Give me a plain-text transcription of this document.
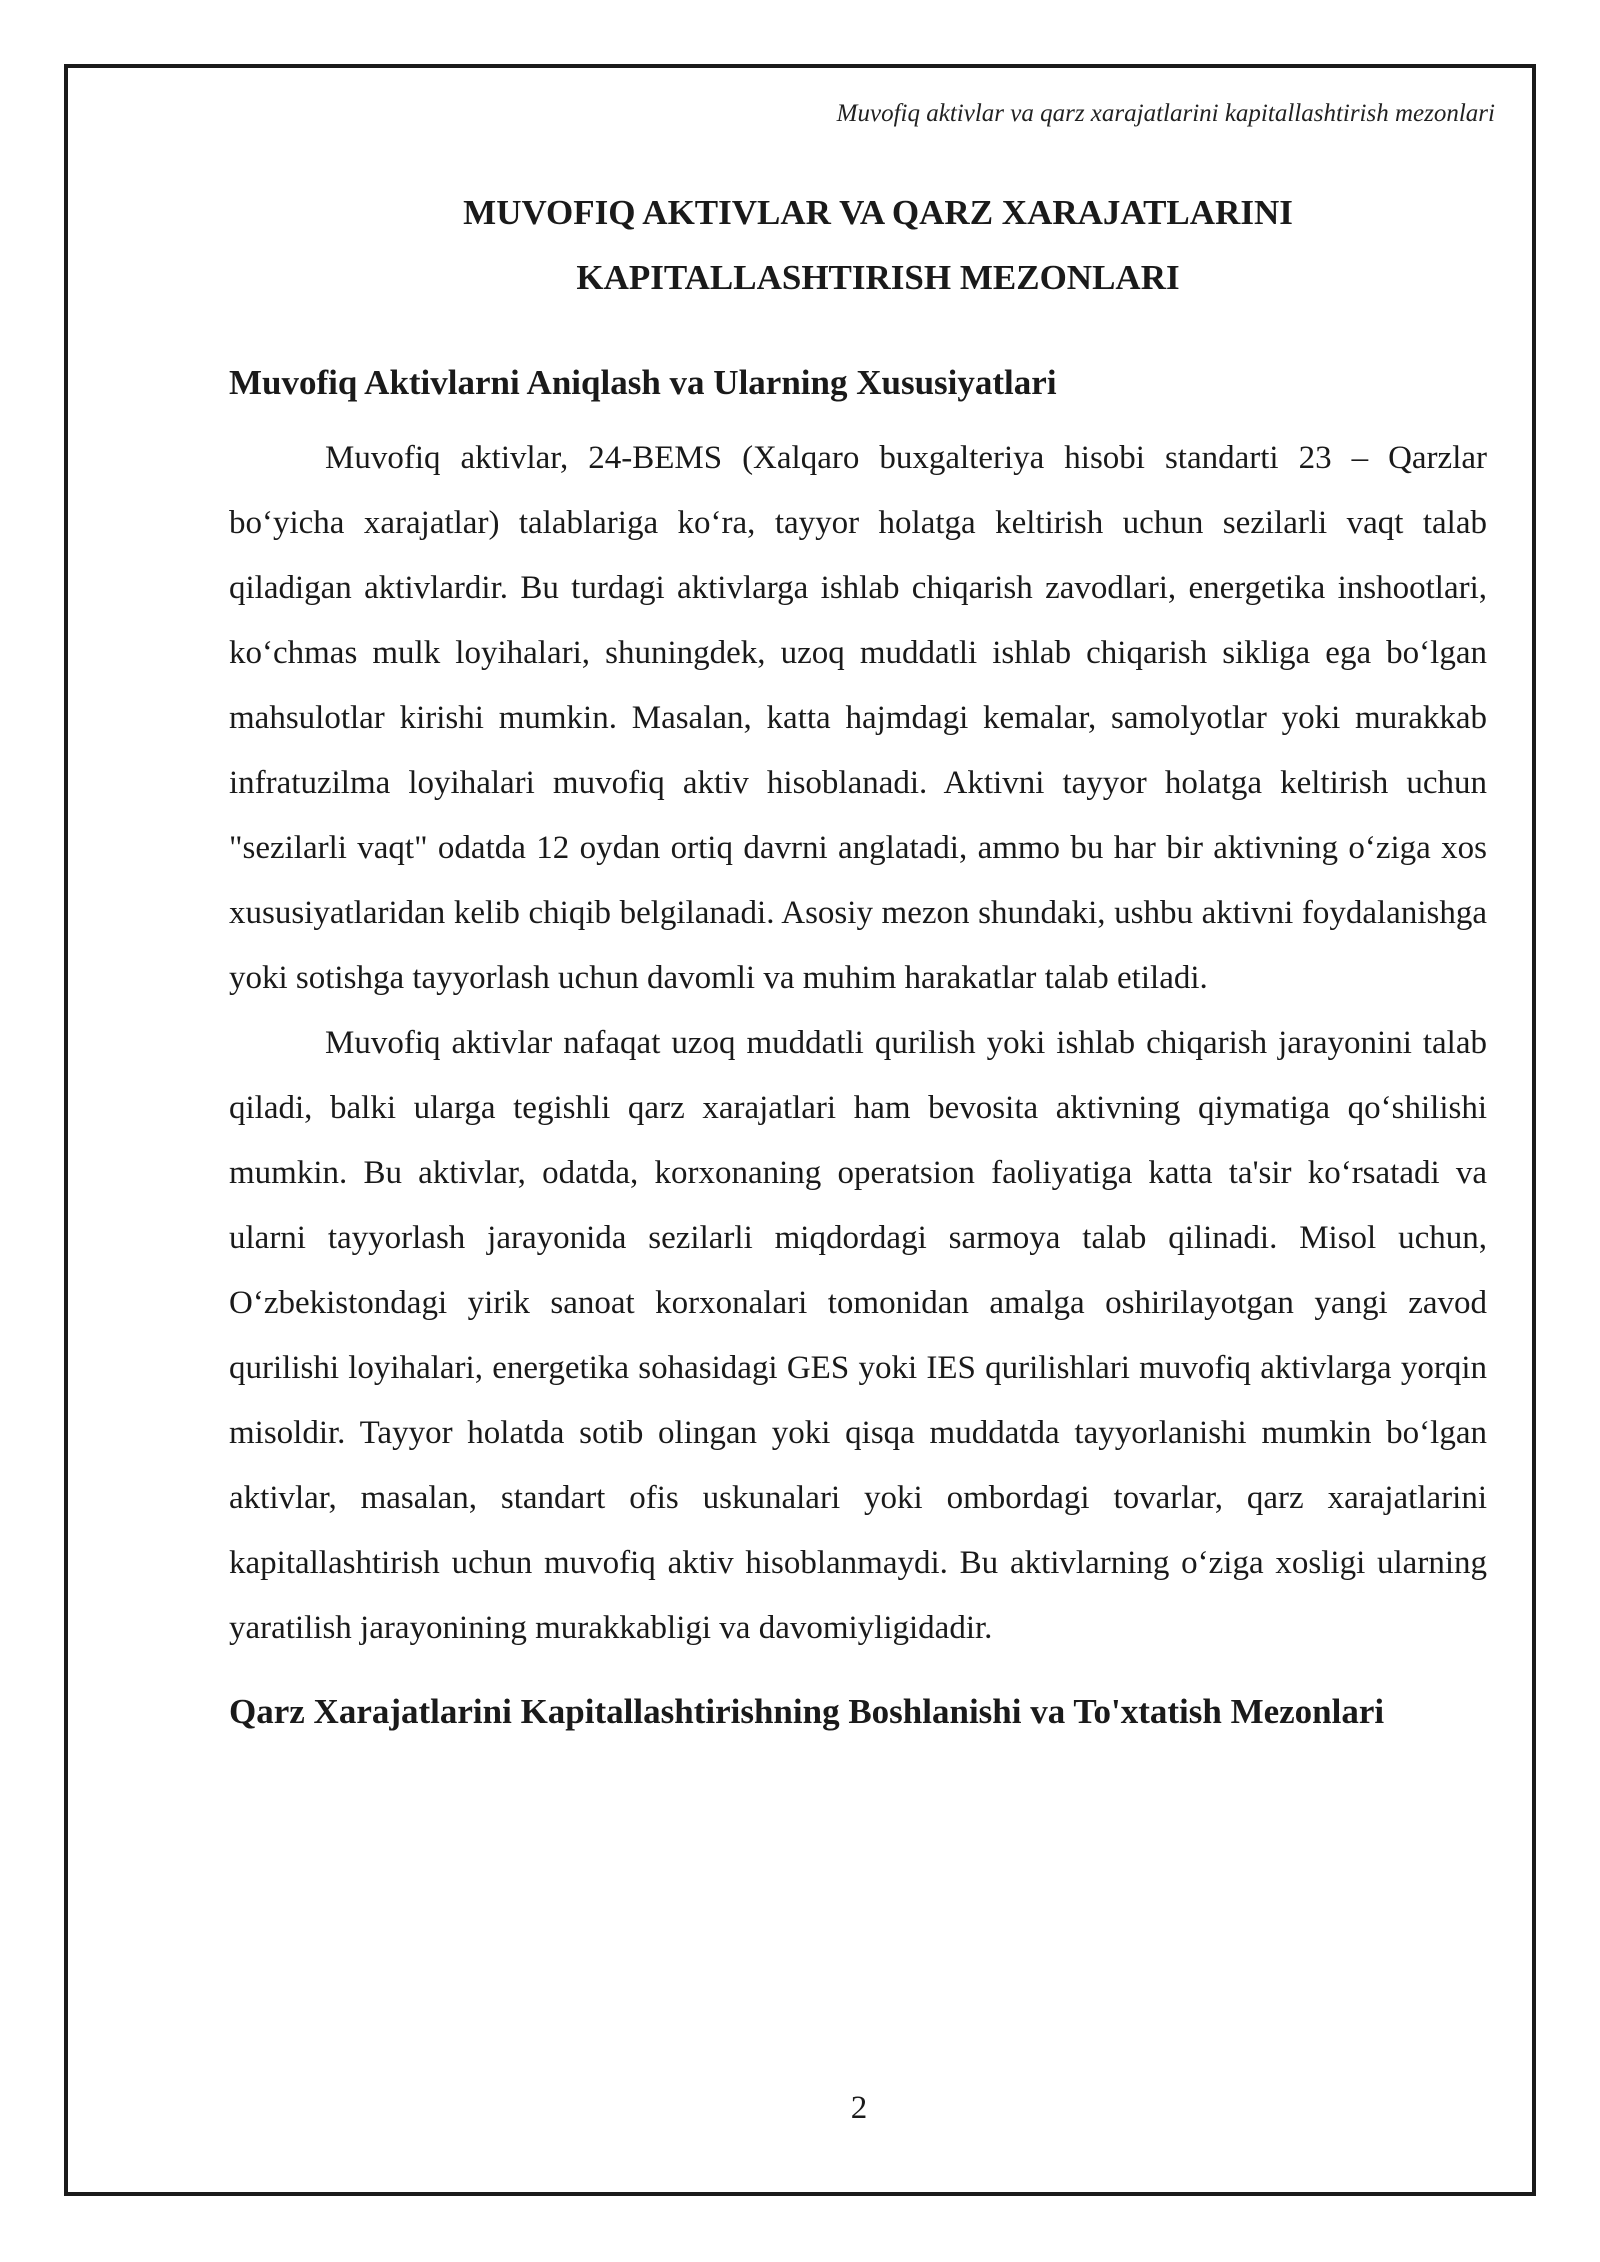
Muvofiq aktivlar va qarz xarajatlarini kapitallashtirish mezonlari
MUVOFIQ AKTIVLAR VA QARZ XARAJATLARINI
KAPITALLASHTIRISH MEZONLARI
Muvofiq Aktivlarni Aniqlash va Ularning Xususiyatlari

Muvofiq aktivlar, 24-BEMS (Xalqaro buxgalteriya hisobi standarti 23 – Qarzlar bo‘yicha xarajatlar) talablariga ko‘ra, tayyor holatga keltirish uchun sezilarli vaqt talab qiladigan aktivlardir. Bu turdagi aktivlarga ishlab chiqarish zavodlari, energetika inshootlari, ko‘chmas mulk loyihalari, shuningdek, uzoq muddatli ishlab chiqarish sikliga ega bo‘lgan mahsulotlar kirishi mumkin. Masalan, katta hajmdagi kemalar, samolyotlar yoki murakkab infratuzilma loyihalari muvofiq aktiv hisoblanadi. Aktivni tayyor holatga keltirish uchun "sezilarli vaqt" odatda 12 oydan ortiq davrni anglatadi, ammo bu har bir aktivning o‘ziga xos xususiyatlaridan kelib chiqib belgilanadi. Asosiy mezon shundaki, ushbu aktivni foydalanishga yoki sotishga tayyorlash uchun davomli va muhim harakatlar talab etiladi.

Muvofiq aktivlar nafaqat uzoq muddatli qurilish yoki ishlab chiqarish jarayonini talab qiladi, balki ularga tegishli qarz xarajatlari ham bevosita aktivning qiymatiga qo‘shilishi mumkin. Bu aktivlar, odatda, korxonaning operatsion faoliyatiga katta ta'sir ko‘rsatadi va ularni tayyorlash jarayonida sezilarli miqdordagi sarmoya talab qilinadi. Misol uchun, O‘zbekistondagi yirik sanoat korxonalari tomonidan amalga oshirilayotgan yangi zavod qurilishi loyihalari, energetika sohasidagi GES yoki IES qurilishlari muvofiq aktivlarga yorqin misoldir. Tayyor holatda sotib olingan yoki qisqa muddatda tayyorlanishi mumkin bo‘lgan aktivlar, masalan, standart ofis uskunalari yoki ombordagi tovarlar, qarz xarajatlarini kapitallashtirish uchun muvofiq aktiv hisoblanmaydi. Bu aktivlarning o‘ziga xosligi ularning yaratilish jarayonining murakkabligi va davomiyligidadir.

Qarz Xarajatlarini Kapitallashtirishning Boshlanishi va To'xtatish Mezonlari
2
